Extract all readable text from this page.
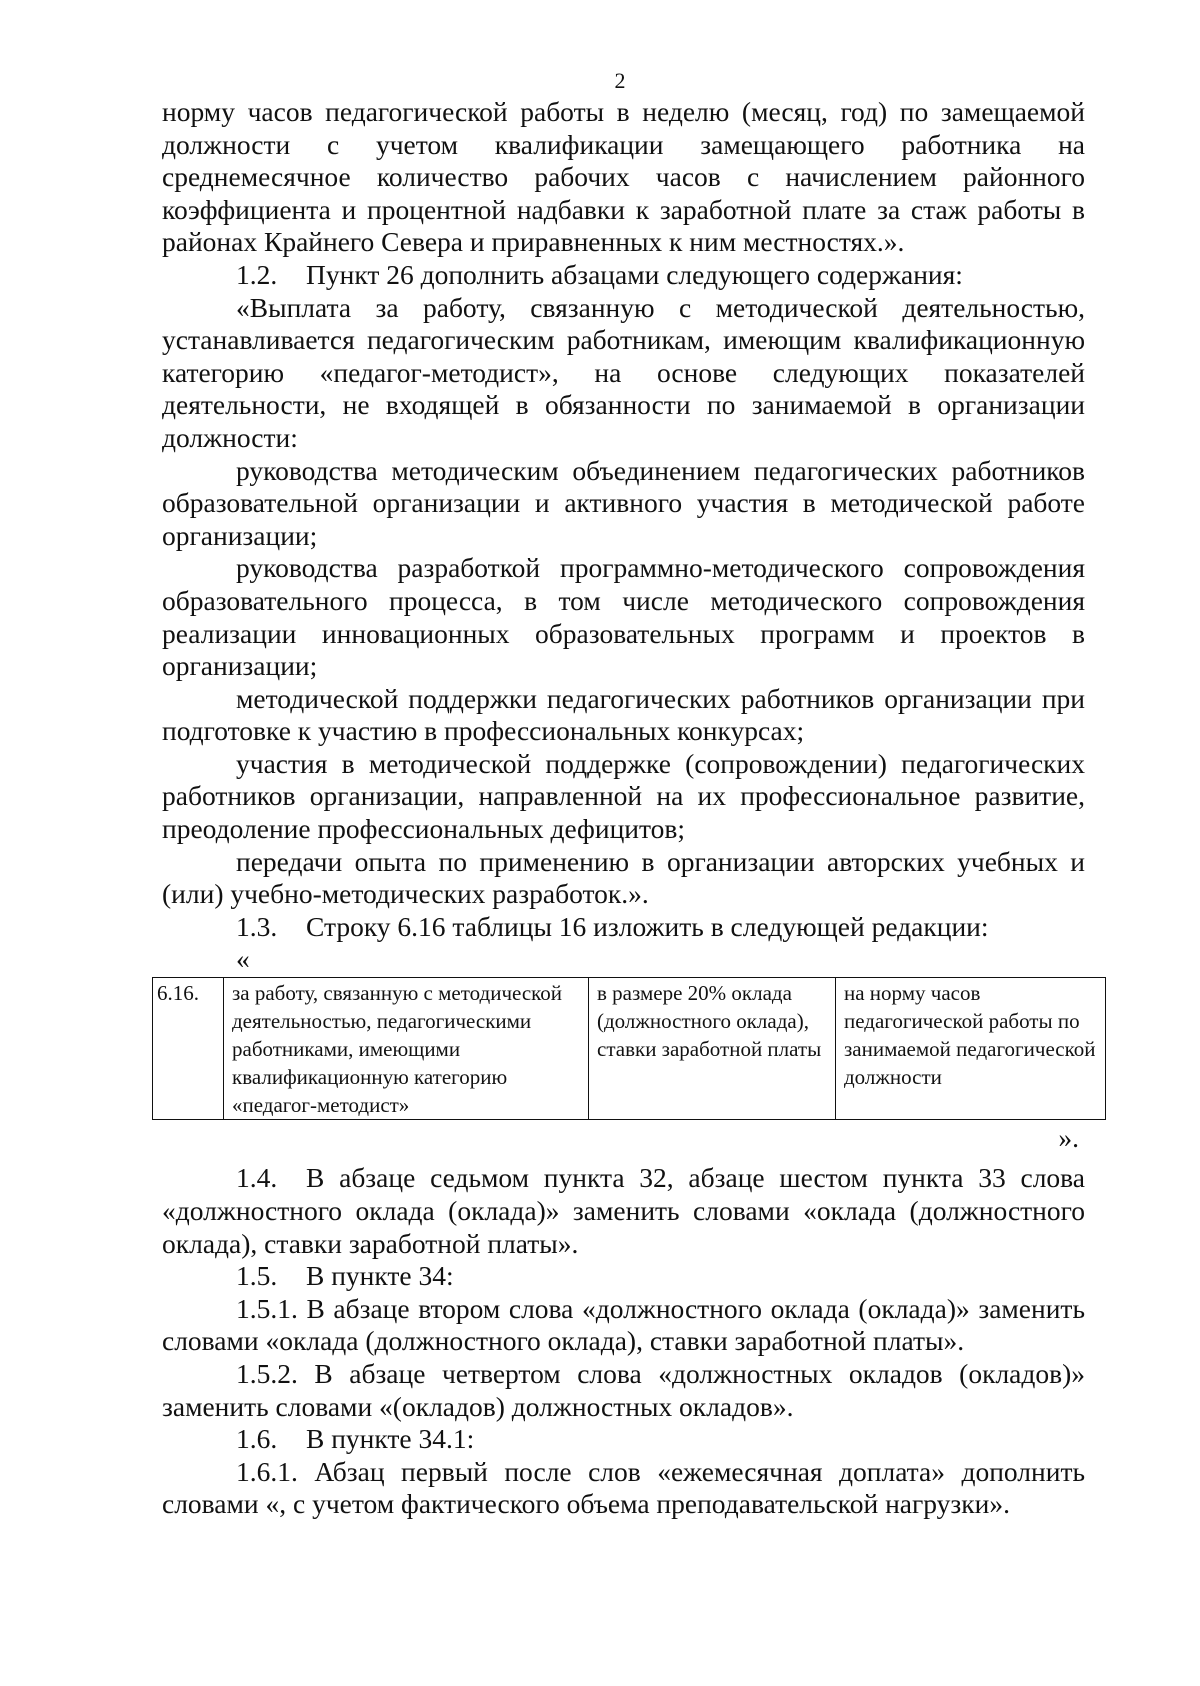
2

норму часов педагогической работы в неделю (месяц, год) по замещаемой должности с учетом квалификации замещающего работника на среднемесячное количество рабочих часов с начислением районного коэффициента и процентной надбавки к заработной плате за стаж работы в районах Крайнего Севера и приравненных к ним местностях.».

1.2. Пункт 26 дополнить абзацами следующего содержания:

«Выплата за работу, связанную с методической деятельностью, устанавливается педагогическим работникам, имеющим квалификационную категорию «педагог-методист», на основе следующих показателей деятельности, не входящей в обязанности по занимаемой в организации должности:

руководства методическим объединением педагогических работников образовательной организации и активного участия в методической работе организации;

руководства разработкой программно-методического сопровождения образовательного процесса, в том числе методического сопровождения реализации инновационных образовательных программ и проектов в организации;

методической поддержки педагогических работников организации при подготовке к участию в профессиональных конкурсах;

участия в методической поддержке (сопровождении) педагогических работников организации, направленной на их профессиональное развитие, преодоление профессиональных дефицитов;

передачи опыта по применению в организации авторских учебных и (или) учебно-методических разработок.».

1.3. Строку 6.16 таблицы 16 изложить в следующей редакции:

«
6.16.	за работу, связанную с методической деятельностью, педагогическими работниками, имеющими квалификационную категорию «педагог-методист»	в размере 20% оклада (должностного оклада), ставки заработной платы	на норму часов педагогической работы по занимаемой педагогической должности
».

1.4. В абзаце седьмом пункта 32, абзаце шестом пункта 33 слова «должностного оклада (оклада)» заменить словами «оклада (должностного оклада), ставки заработной платы».

1.5. В пункте 34:

1.5.1. В абзаце втором слова «должностного оклада (оклада)» заменить словами «оклада (должностного оклада), ставки заработной платы».

1.5.2. В абзаце четвертом слова «должностных окладов (окладов)» заменить словами «(окладов) должностных окладов».

1.6. В пункте 34.1:

1.6.1. Абзац первый после слов «ежемесячная доплата» дополнить словами «, с учетом фактического объема преподавательской нагрузки».
